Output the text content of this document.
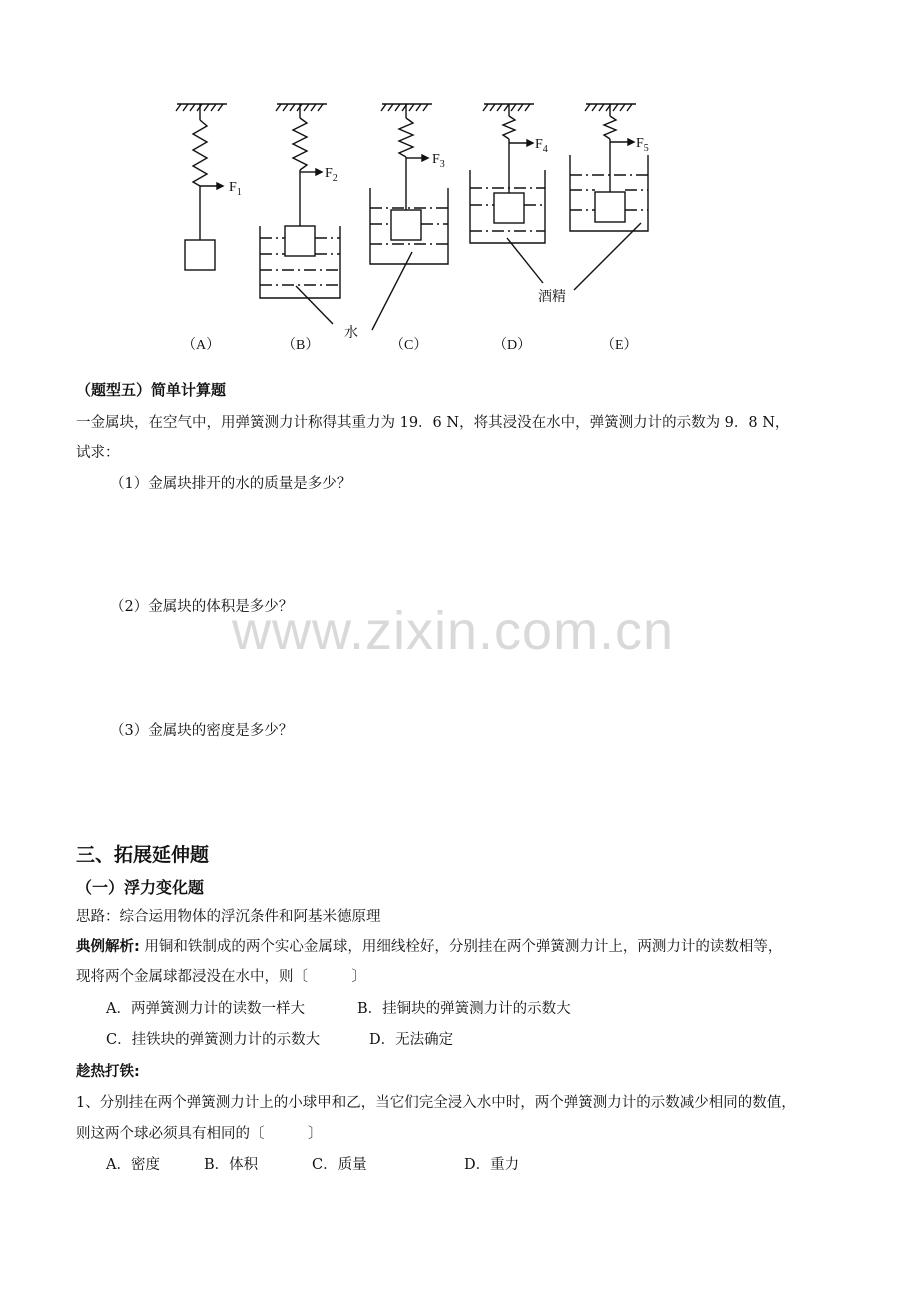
$F_1$
$F_2$
$F_3$
$F_4$	$F_5$
水
酒精
（A）	（B）	（C）	（D）	（E）
（题型五）简单计算题
一金属块，在空气中，用弹簧测力计称得其重力为 19．6 N，将其浸没在水中，弹簧测力计的示数为 9．8 N，
试求：
（1）金属块排开的水的质量是多少？
（2）金属块的体积是多少？
www.zixin.com.cn
（3）金属块的密度是多少？
三、拓展延伸题
（一）浮力变化题
思路：综合运用物体的浮沉条件和阿基米德原理
典例解析: 用铜和铁制成的两个实心金属球，用细线栓好，分别挂在两个弹簧测力计上，两测力计的读数相等，
现将两个金属球都浸没在水中，则〔　　　〕
A．两弹簧测力计的读数一样大	B．挂铜块的弹簧测力计的示数大
C．挂铁块的弹簧测力计的示数大	D．无法确定
趁热打铁:
1、分别挂在两个弹簧测力计上的小球甲和乙，当它们完全浸入水中时，两个弹簧测力计的示数减少相同的数值，
则这两个球必须具有相同的〔　　　〕
A．密度	B．体积	C．质量	D．重力
